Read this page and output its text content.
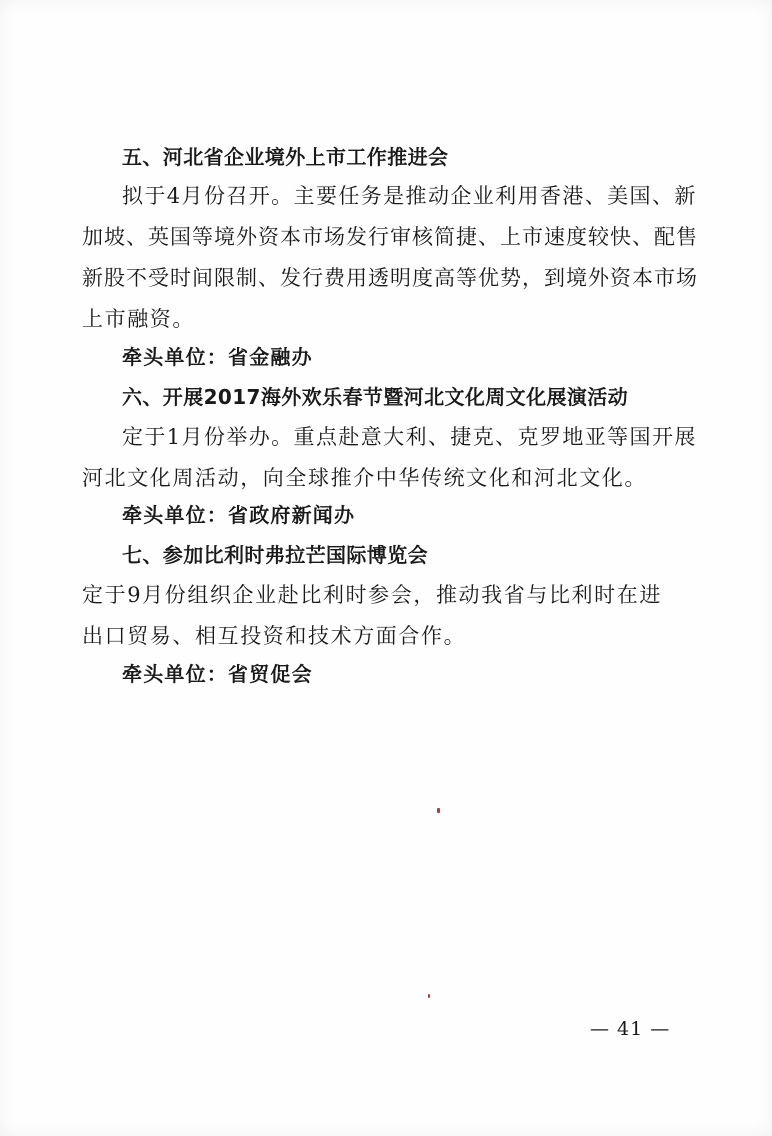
五、河北省企业境外上市工作推进会
拟于4月份召开。主要任务是推动企业利用香港、美国、新
加坡、英国等境外资本市场发行审核简捷、上市速度较快、配售
新股不受时间限制、发行费用透明度高等优势，到境外资本市场
上市融资。
牵头单位：省金融办
六、开展2017海外欢乐春节暨河北文化周文化展演活动
定于1月份举办。重点赴意大利、捷克、克罗地亚等国开展
河北文化周活动，向全球推介中华传统文化和河北文化。
牵头单位：省政府新闻办
七、参加比利时弗拉芒国际博览会
定于9月份组织企业赴比利时参会，推动我省与比利时在进
出口贸易、相互投资和技术方面合作。
牵头单位：省贸促会
— 41 —
